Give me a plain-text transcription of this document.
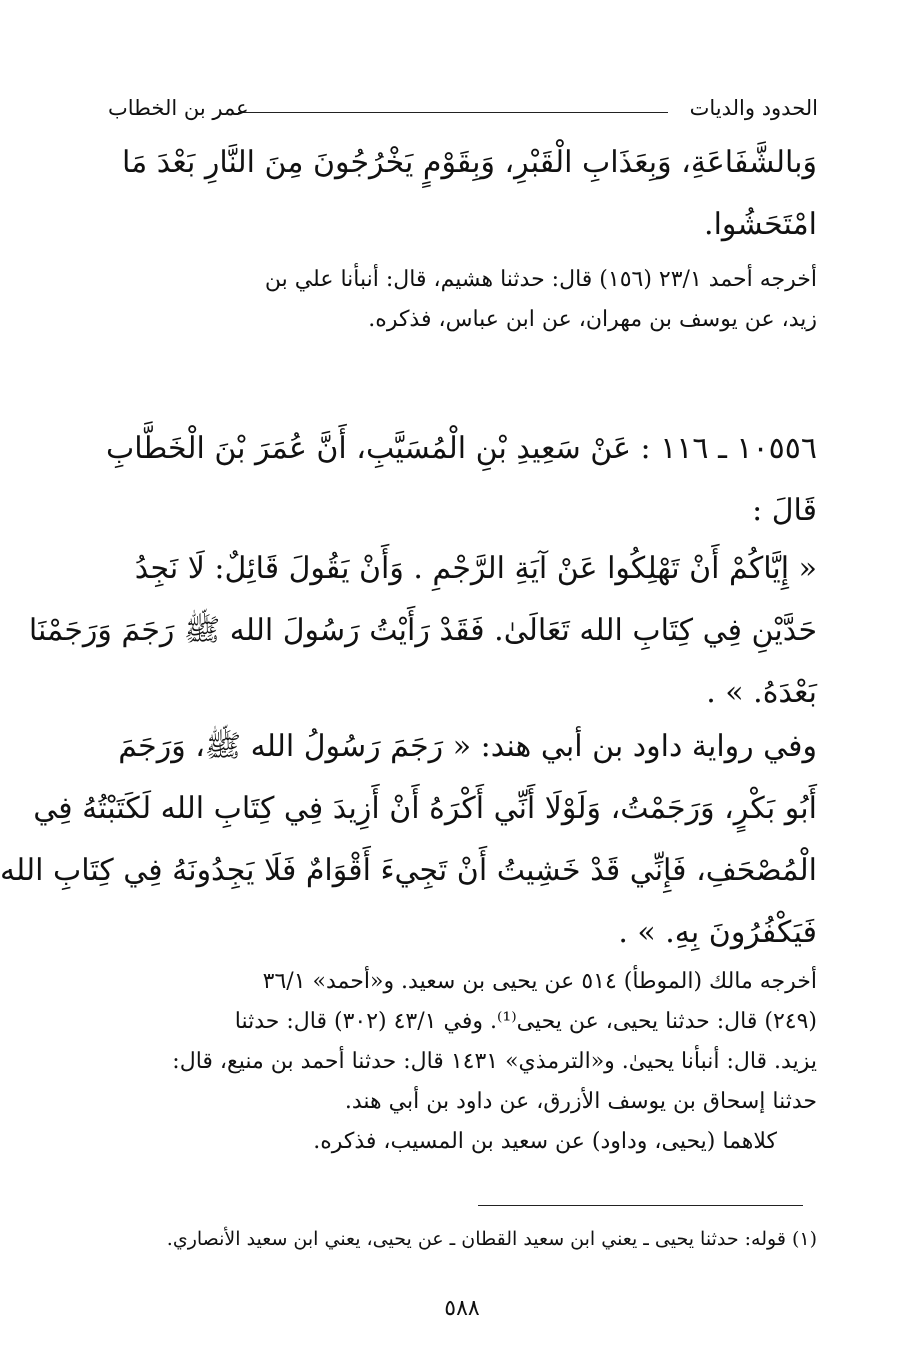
الحدود والديات
عمر بن الخطاب
وَبالشَّفَاعَةِ، وَبِعَذَابِ الْقَبْرِ، وَبِقَوْمٍ يَخْرُجُونَ مِنَ النَّارِ بَعْدَ مَا
امْتَحَشُوا.
أخرجه أحمد ٢٣/١ (١٥٦) قال: حدثنا هشيم، قال: أنبأنا علي بن
زيد، عن يوسف بن مهران، عن ابن عباس، فذكره.
١٠٥٥٦ ـ ١١٦ : عَنْ سَعِيدِ بْنِ الْمُسَيَّبِ، أَنَّ عُمَرَ بْنَ الْخَطَّابِ
قَالَ :
« إِيَّاكُمْ أَنْ تَهْلِكُوا عَنْ آيَةِ الرَّجْمِ . وَأَنْ يَقُولَ قَائِلٌ: لَا نَجِدُ
حَدَّيْنِ فِي كِتَابِ الله تَعَالَىٰ. فَقَدْ رَأَيْتُ رَسُولَ الله ﷺ رَجَمَ وَرَجَمْنَا
بَعْدَهُ. » .
وفي رواية داود بن أبي هند: « رَجَمَ رَسُولُ الله ﷺ، وَرَجَمَ
أَبُو بَكْرٍ، وَرَجَمْتُ، وَلَوْلَا أَنِّي أَكْرَهُ أَنْ أَزِيدَ فِي كِتَابِ الله لَكَتَبْتُهُ فِي
الْمُصْحَفِ، فَإِنِّي قَدْ خَشِيتُ أَنْ تَجِيءَ أَقْوَامٌ فَلَا يَجِدُونَهُ فِي كِتَابِ الله
فَيَكْفُرُونَ بِهِ. » .
أخرجه مالك (الموطأ) ٥١٤ عن يحيى بن سعيد. و«أحمد» ٣٦/١
(٢٤٩) قال: حدثنا يحيى، عن يحيى⁽¹⁾. وفي ٤٣/١ (٣٠٢) قال: حدثنا
يزيد. قال: أنبأنا يحيىٰ. و«الترمذي» ١٤٣١ قال: حدثنا أحمد بن منيع، قال:
حدثنا إسحاق بن يوسف الأزرق، عن داود بن أبي هند.
كلاهما (يحيى، وداود) عن سعيد بن المسيب، فذكره.
(١) قوله: حدثنا يحيى ـ يعني ابن سعيد القطان ـ عن يحيى، يعني ابن سعيد الأنصاري.
٥٨٨
